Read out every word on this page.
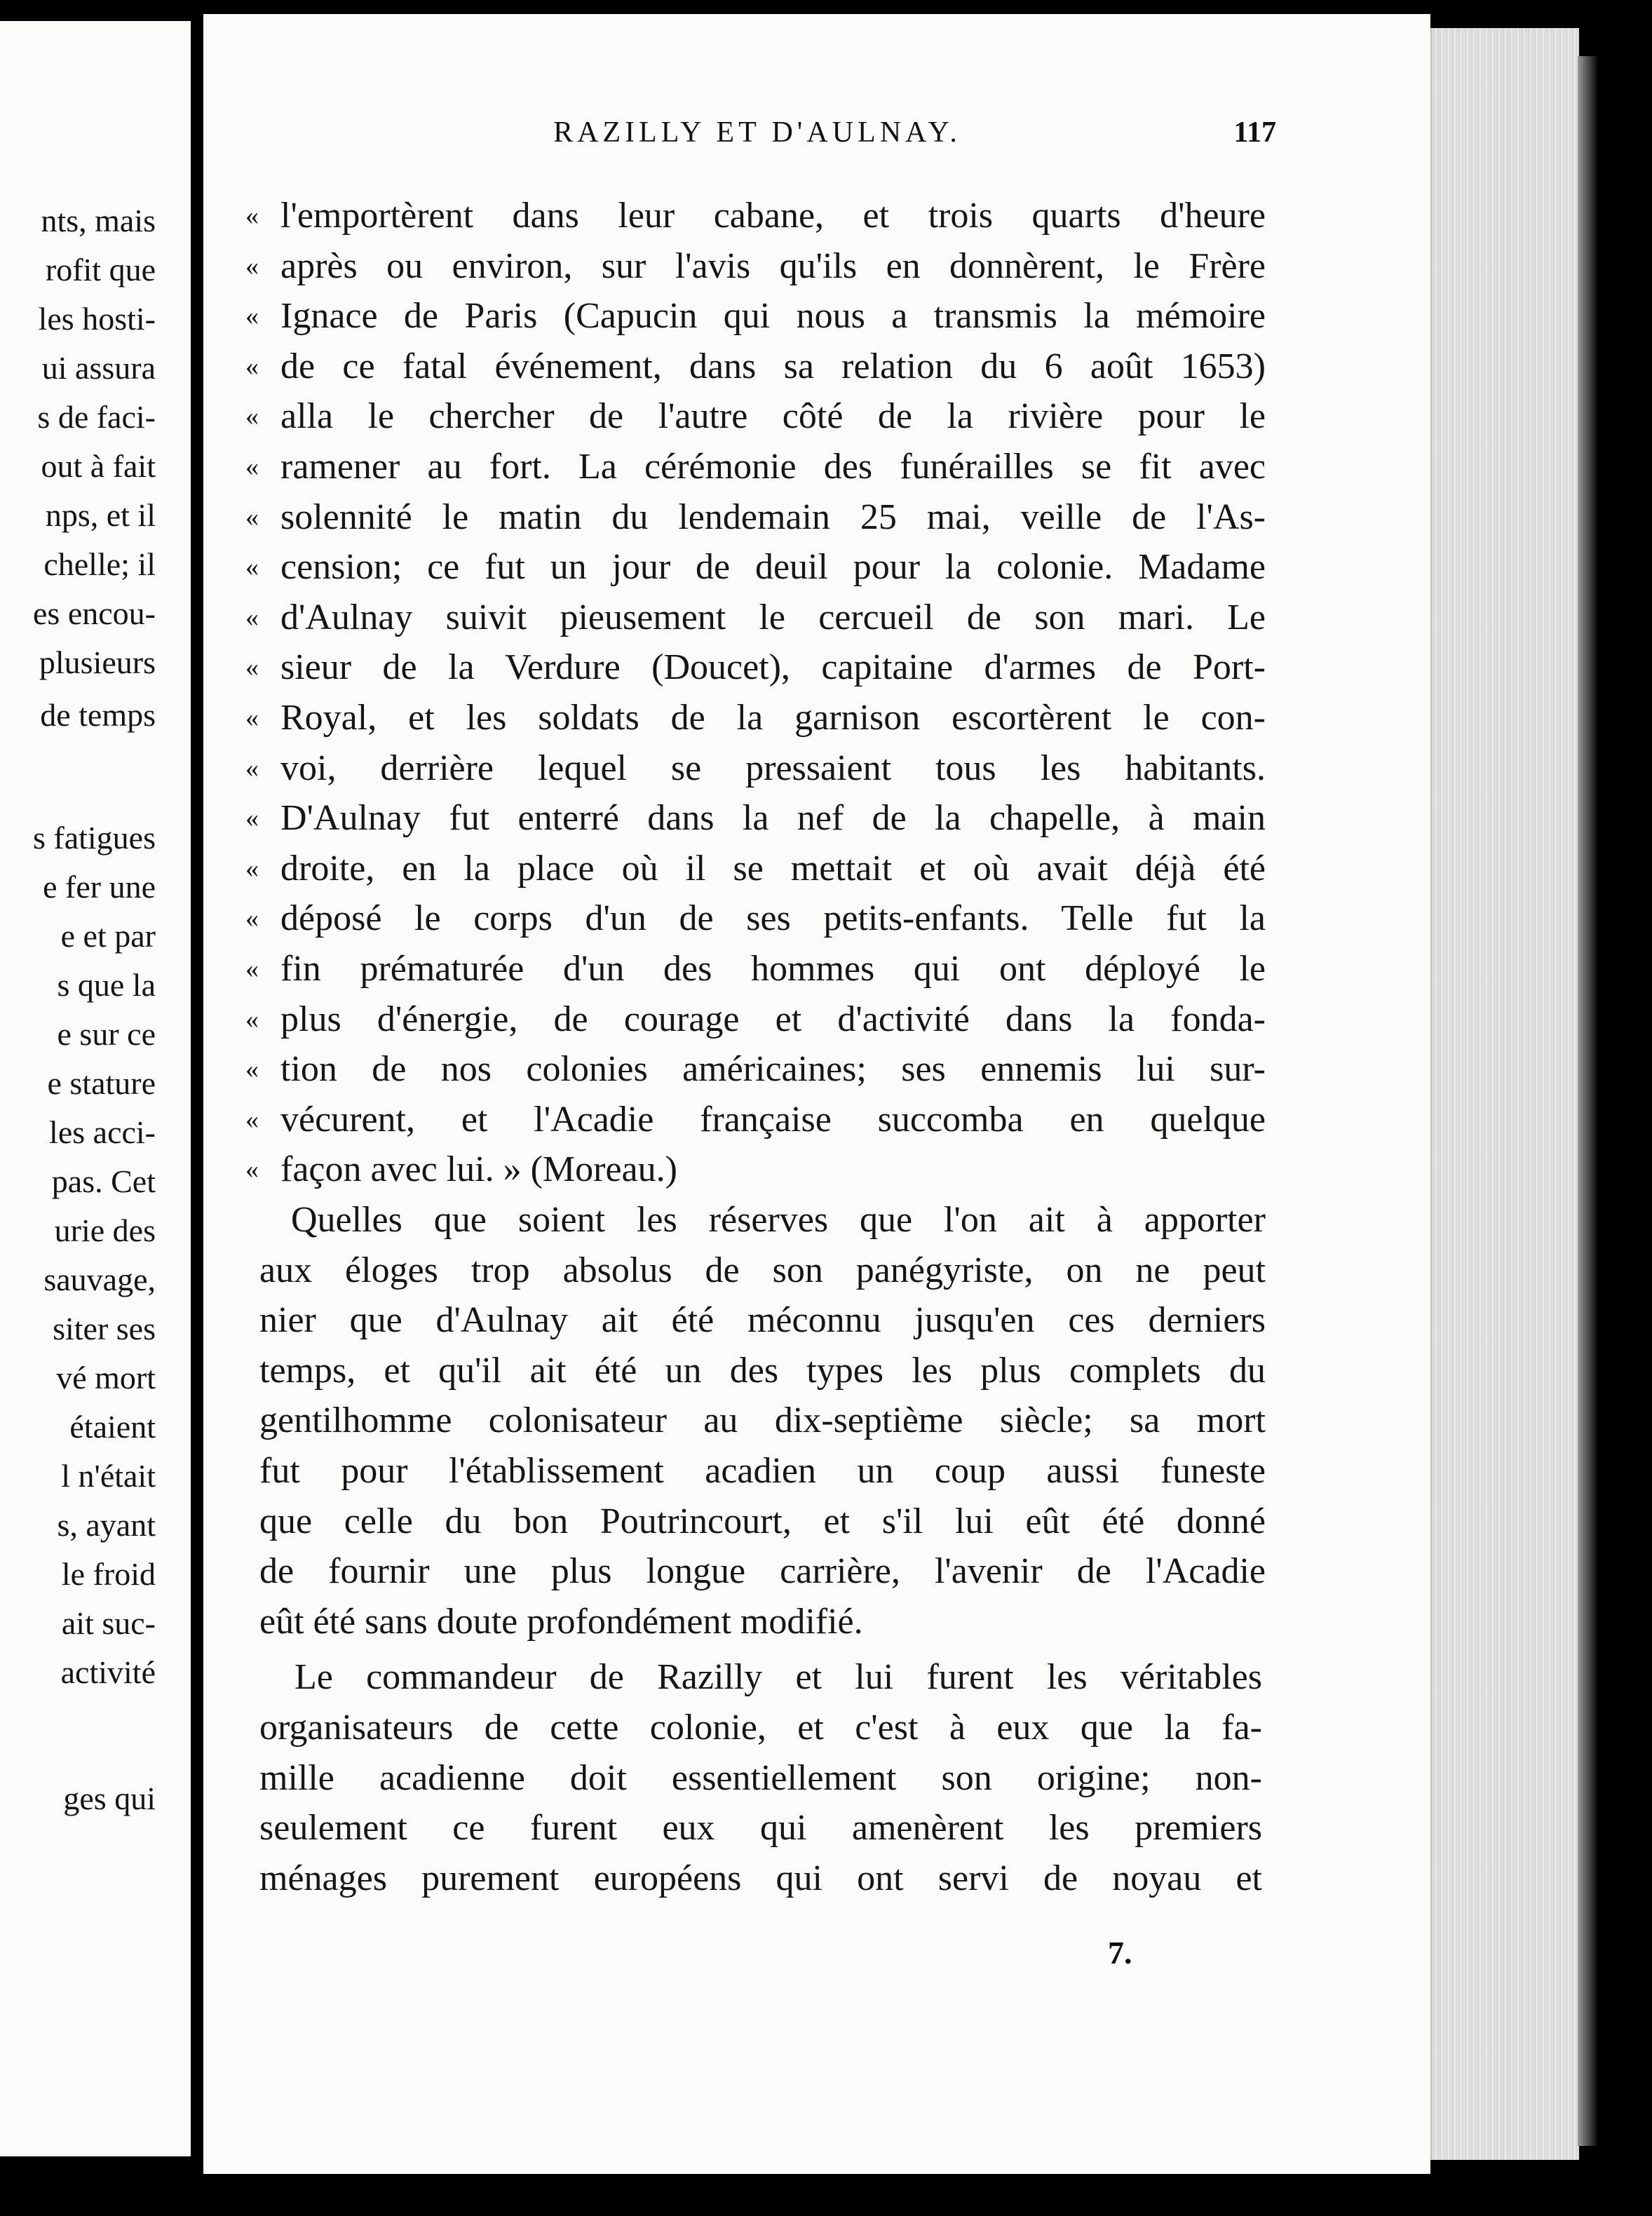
nts, mais
rofit que
les hosti-
ui assura
s de faci-
out à fait
nps, et il
chelle; il
es encou-
plusieurs
de temps
s fatigues
e fer une
e et par
s que la
e sur ce
e stature
les acci-
pas. Cet
urie des
sauvage,
siter ses
vé mort
étaient
l n'était
s, ayant
le froid
ait suc-
activité
ges qui
RAZILLY ET D'AULNAY.	117
« l'emportèrent dans leur cabane, et trois quarts d'heure
« après ou environ, sur l'avis qu'ils en donnèrent, le Frère
« Ignace de Paris (Capucin qui nous a transmis la mémoire
« de ce fatal événement, dans sa relation du 6 août 1653)
« alla le chercher de l'autre côté de la rivière pour le
« ramener au fort. La cérémonie des funérailles se fit avec
« solennité le matin du lendemain 25 mai, veille de l'As-
« cension; ce fut un jour de deuil pour la colonie. Madame
« d'Aulnay suivit pieusement le cercueil de son mari. Le
« sieur de la Verdure (Doucet), capitaine d'armes de Port-
« Royal, et les soldats de la garnison escortèrent le con-
« voi, derrière lequel se pressaient tous les habitants.
« D'Aulnay fut enterré dans la nef de la chapelle, à main
« droite, en la place où il se mettait et où avait déjà été
« déposé le corps d'un de ses petits-enfants. Telle fut la
« fin prématurée d'un des hommes qui ont déployé le
« plus d'énergie, de courage et d'activité dans la fonda-
« tion de nos colonies américaines; ses ennemis lui sur-
« vécurent, et l'Acadie française succomba en quelque
« façon avec lui. » (Moreau.)
Quelles que soient les réserves que l'on ait à apporter
aux éloges trop absolus de son panégyriste, on ne peut
nier que d'Aulnay ait été méconnu jusqu'en ces derniers
temps, et qu'il ait été un des types les plus complets du
gentilhomme colonisateur au dix-septième siècle; sa mort
fut pour l'établissement acadien un coup aussi funeste
que celle du bon Poutrincourt, et s'il lui eût été donné
de fournir une plus longue carrière, l'avenir de l'Acadie
eût été sans doute profondément modifié.
Le commandeur de Razilly et lui furent les véritables
organisateurs de cette colonie, et c'est à eux que la fa-
mille acadienne doit essentiellement son origine; non-
seulement ce furent eux qui amenèrent les premiers
ménages purement européens qui ont servi de noyau et
7.
